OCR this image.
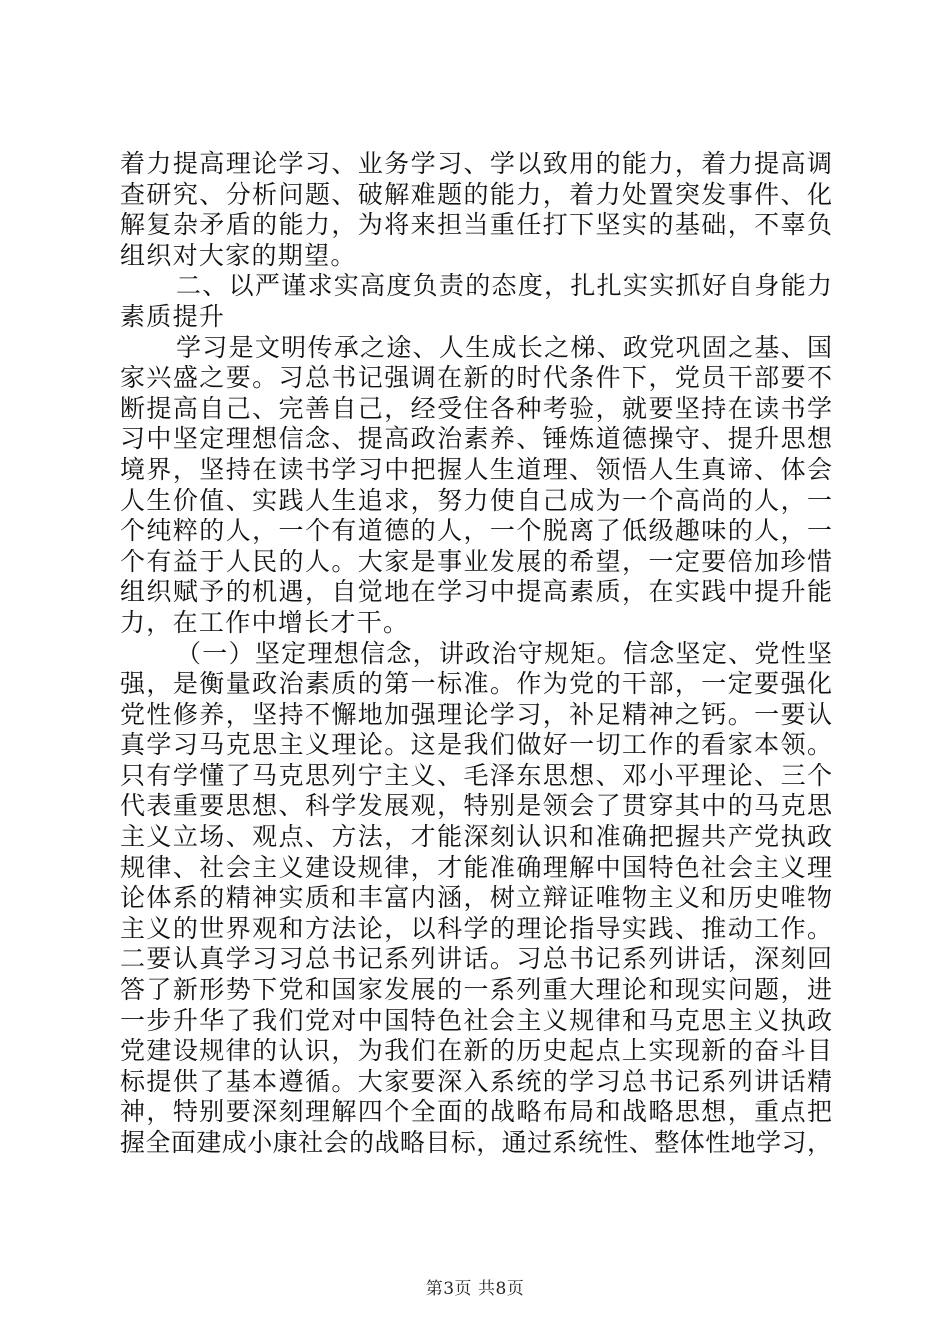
着力提高理论学习、业务学习、学以致用的能力，着力提高调
查研究、分析问题、破解难题的能力，着力处置突发事件、化
解复杂矛盾的能力，为将来担当重任打下坚实的基础，不辜负
组织对大家的期望。
二、以严谨求实高度负责的态度，扎扎实实抓好自身能力
素质提升
学习是文明传承之途、人生成长之梯、政党巩固之基、国
家兴盛之要。习总书记强调在新的时代条件下，党员干部要不
断提高自己、完善自己，经受住各种考验，就要坚持在读书学
习中坚定理想信念、提高政治素养、锤炼道德操守、提升思想
境界，坚持在读书学习中把握人生道理、领悟人生真谛、体会
人生价值、实践人生追求，努力使自己成为一个高尚的人，一
个纯粹的人，一个有道德的人，一个脱离了低级趣味的人，一
个有益于人民的人。大家是事业发展的希望，一定要倍加珍惜
组织赋予的机遇，自觉地在学习中提高素质，在实践中提升能
力，在工作中增长才干。
（一）坚定理想信念，讲政治守规矩。信念坚定、党性坚
强，是衡量政治素质的第一标准。作为党的干部，一定要强化
党性修养，坚持不懈地加强理论学习，补足精神之钙。一要认
真学习马克思主义理论。这是我们做好一切工作的看家本领。
只有学懂了马克思列宁主义、毛泽东思想、邓小平理论、三个
代表重要思想、科学发展观，特别是领会了贯穿其中的马克思
主义立场、观点、方法，才能深刻认识和准确把握共产党执政
规律、社会主义建设规律，才能准确理解中国特色社会主义理
论体系的精神实质和丰富内涵，树立辩证唯物主义和历史唯物
主义的世界观和方法论，以科学的理论指导实践、推动工作。
二要认真学习习总书记系列讲话。习总书记系列讲话，深刻回
答了新形势下党和国家发展的一系列重大理论和现实问题，进
一步升华了我们党对中国特色社会主义规律和马克思主义执政
党建设规律的认识，为我们在新的历史起点上实现新的奋斗目
标提供了基本遵循。大家要深入系统的学习总书记系列讲话精
神，特别要深刻理解四个全面的战略布局和战略思想，重点把
握全面建成小康社会的战略目标，通过系统性、整体性地学习，
第3页 共8页
